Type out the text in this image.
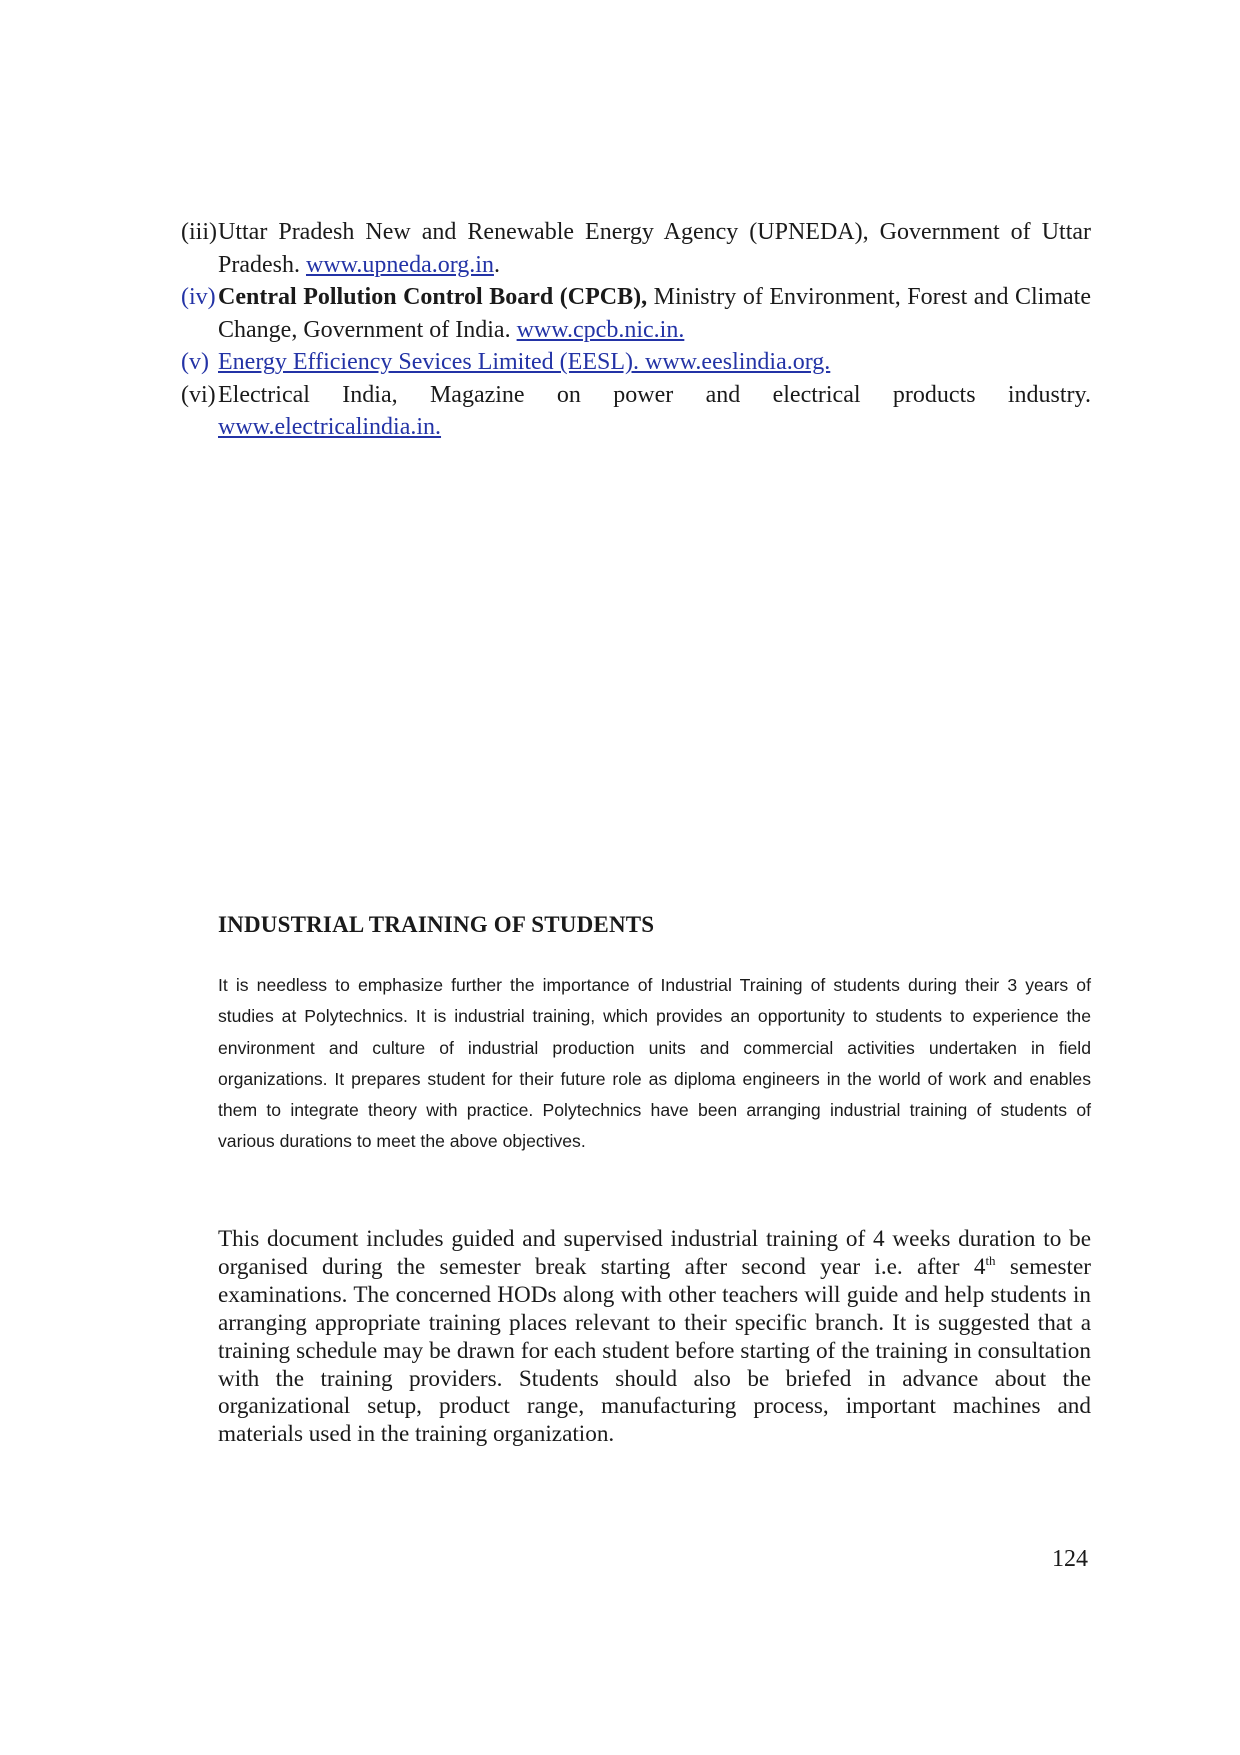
(iii) Uttar Pradesh New and Renewable Energy Agency (UPNEDA), Government of Uttar Pradesh. www.upneda.org.in.
(iv) Central Pollution Control Board (CPCB), Ministry of Environment, Forest and Climate Change, Government of India. www.cpcb.nic.in.
(v) Energy Efficiency Sevices Limited (EESL). www.eeslindia.org.
(vi) Electrical India, Magazine on power and electrical products industry.
www.electricalindia.in.
INDUSTRIAL TRAINING OF STUDENTS

It is needless to emphasize further the importance of Industrial Training of students during their 3 years of studies at Polytechnics. It is industrial training, which provides an opportunity to students to experience the environment and culture of industrial production units and commercial activities undertaken in field organizations. It prepares student for their future role as diploma engineers in the world of work and enables them to integrate theory with practice. Polytechnics have been arranging industrial training of students of various durations to meet the above objectives.

This document includes guided and supervised industrial training of 4 weeks duration to be organised during the semester break starting after second year i.e. after 4th semester examinations. The concerned HODs along with other teachers will guide and help students in arranging appropriate training places relevant to their specific branch. It is suggested that a training schedule may be drawn for each student before starting of the training in consultation with the training providers. Students should also be briefed in advance about the organizational setup, product range, manufacturing process, important machines and materials used in the training organization.

124
